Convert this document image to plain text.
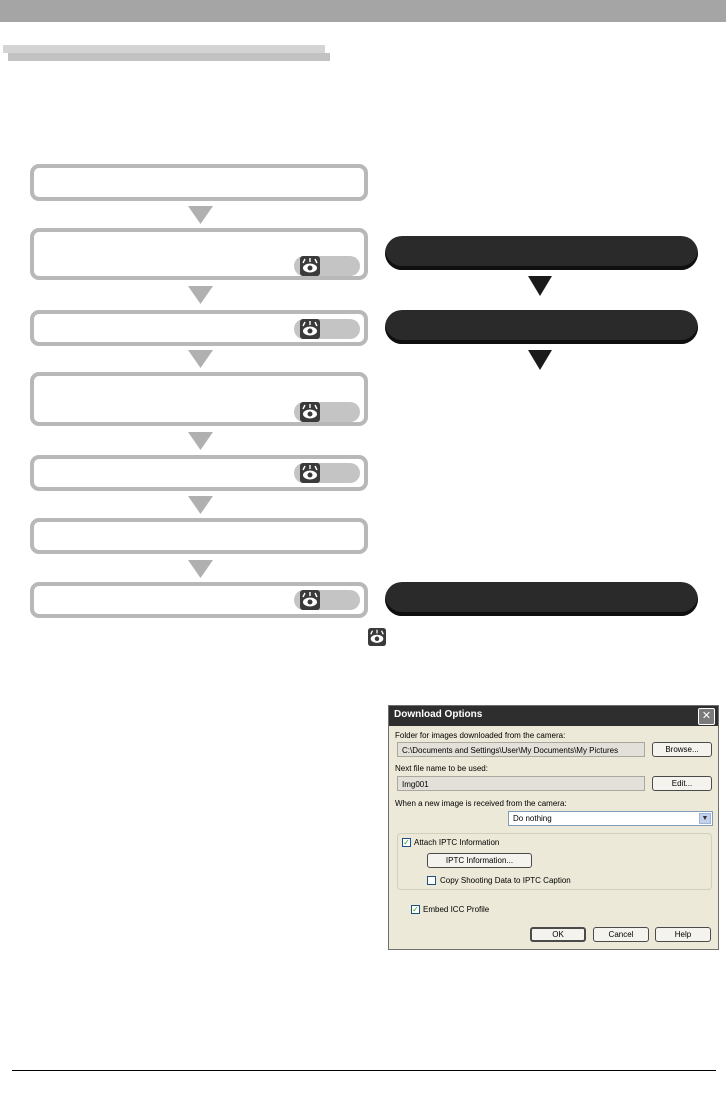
Download Options	✕
Folder for images downloaded from the camera:
C:\Documents and Settings\User\My Documents\My Pictures	Browse...
Next file name to be used:
Img001	Edit...
When a new image is received from the camera:
Do nothing	▼
✓ Attach IPTC Information
IPTC Information...
Copy Shooting Data to IPTC Caption
✓ Embed ICC Profile
OK	Cancel	Help
